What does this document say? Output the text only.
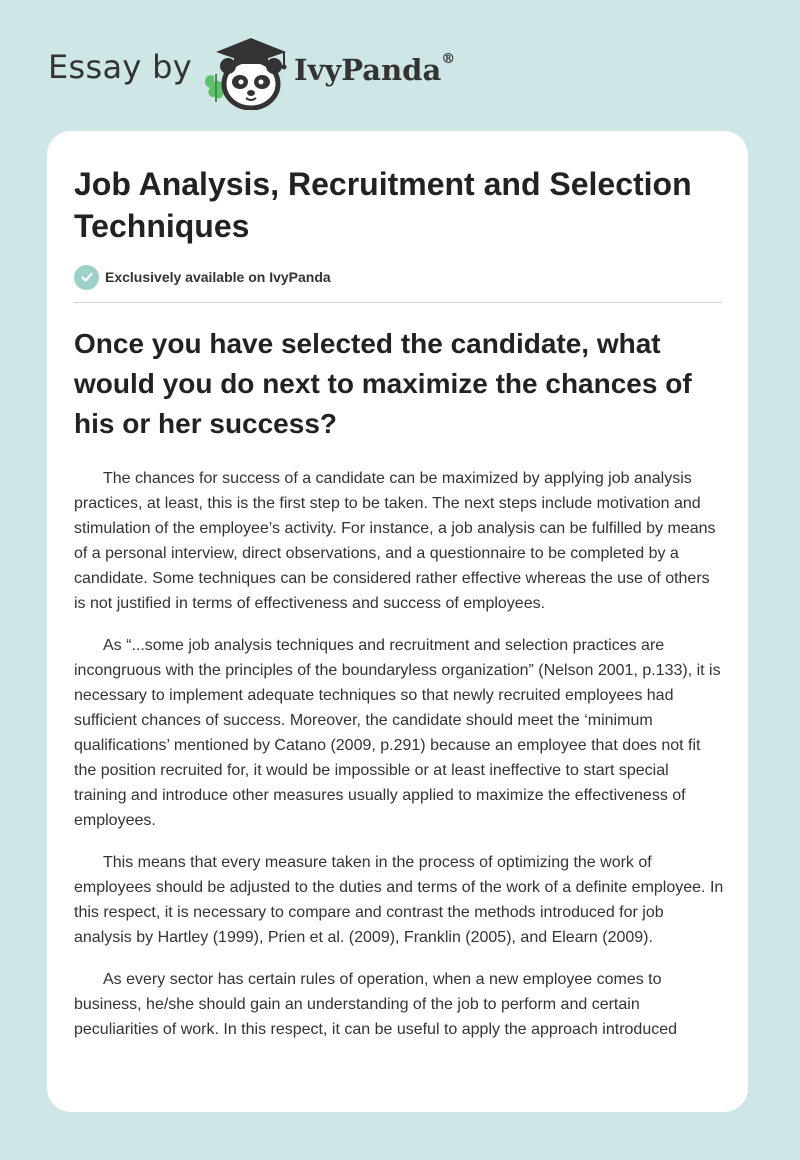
Essay by	IvyPanda®
Job Analysis, Recruitment and Selection Techniques
Exclusively available on IvyPanda
Once you have selected the candidate, what would you do next to maximize the chances of his or her success?

The chances for success of a candidate can be maximized by applying job analysis practices, at least, this is the first step to be taken. The next steps include motivation and stimulation of the employee’s activity. For instance, a job analysis can be fulfilled by means of a personal interview, direct observations, and a questionnaire to be completed by a candidate. Some techniques can be considered rather effective whereas the use of others is not justified in terms of effectiveness and success of employees.

As “...some job analysis techniques and recruitment and selection practices are incongruous with the principles of the boundaryless organization” (Nelson 2001, p.133), it is necessary to implement adequate techniques so that newly recruited employees had sufficient chances of success. Moreover, the candidate should meet the ‘minimum qualifications’ mentioned by Catano (2009, p.291) because an employee that does not fit the position recruited for, it would be impossible or at least ineffective to start special training and introduce other measures usually applied to maximize the effectiveness of employees.

This means that every measure taken in the process of optimizing the work of employees should be adjusted to the duties and terms of the work of a definite employee. In this respect, it is necessary to compare and contrast the methods introduced for job analysis by Hartley (1999), Prien et al. (2009), Franklin (2005), and Elearn (2009).

As every sector has certain rules of operation, when a new employee comes to business, he/she should gain an understanding of the job to perform and certain peculiarities of work. In this respect, it can be useful to apply the approach introduced
